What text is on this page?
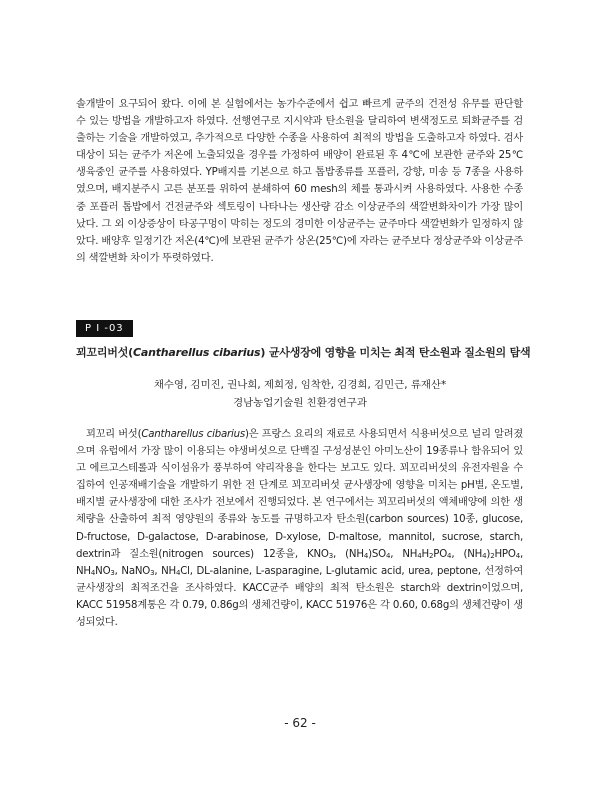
솔개발이 요구되어 왔다. 이에 본 실험에서는 농가수준에서 쉽고 빠르게 균주의 건전성 유무를 판단할 수 있는 방법을 개발하고자 하였다. 선행연구로 지시약과 탄소원을 달리하여 변색정도로 퇴화균주를 검출하는 기술을 개발하였고, 추가적으로 다양한 수종을 사용하여 최적의 방법을 도출하고자 하였다. 검사대상이 되는 균주가 저온에 노출되었을 경우를 가정하여 배양이 완료된 후 4℃에 보관한 균주와 25℃생육중인 균주를 사용하였다. YP배지를 기본으로 하고 톱밥종류를 포플러, 강향, 미송 등 7종을 사용하였으며, 배지분주시 고른 분포를 위하여 분쇄하여 60 mesh의 체를 통과시켜 사용하였다. 사용한 수종중 포플러 톱밥에서 건전균주와 섹토링이 나타나는 생산량 감소 이상균주의 색깔변화차이가 가장 많이 났다. 그 외 이상증상이 타공구멍이 막히는 정도의 경미한 이상균주는 균주마다 색깔변화가 일정하지 않았다. 배양후 일정기간 저온(4℃)에 보관된 균주가 상온(25℃)에 자라는 균주보다 정상균주와 이상균주의 색깔변화 차이가 뚜렷하였다.

P I -03
꾀꼬리버섯(Cantharellus cibarius) 균사생장에 영향을 미치는 최적 탄소원과 질소원의 탐색
채수영, 김미진, 권나희, 제희정, 임착한, 김경희, 김민근, 류재산*
경남농업기술원 친환경연구과

꾀꼬리 버섯(Cantharellus cibarius)은 프랑스 요리의 재료로 사용되면서 식용버섯으로 널리 알려졌으며 유럽에서 가장 많이 이용되는 야생버섯으로 단백질 구성성분인 아미노산이 19종류나 함유되어 있고 에르고스테롤과 식이섬유가 풍부하여 약리작용을 한다는 보고도 있다. 꾀꼬리버섯의 유전자원을 수집하여 인공재배기술을 개발하기 위한 전 단계로 꾀꼬리버섯 균사생장에 영향을 미치는 pH별, 온도별, 배지별 균사생장에 대한 조사가 전보에서 진행되었다. 본 연구에서는 꾀꼬리버섯의 액체배양에 의한 생체량을 산출하여 최적 영양원의 종류와 농도를 규명하고자 탄소원(carbon sources) 10종, glucose, D-fructose, D-galactose, D-arabinose, D-xylose, D-maltose, mannitol, sucrose, starch, dextrin과 질소원(nitrogen sources) 12종을, $KNO_3$, $(NH_4)SO_4$, $NH_4H_2PO_4$, $(NH_4)_2HPO_4$, $NH_4NO_3$, NaNO$_3$, $NH_4Cl$, DL-alanine, L-asparagine, L-glutamic acid, urea, peptone, 선정하여 균사생장의 최적조건을 조사하였다. KACC균주 배양의 최적 탄소원은 starch와 dextrin이었으며, KACC 51958계통은 각 0.79, 0.86g의 생체건량이, KACC 51976은 각 0.60, 0.68g의 생체건량이 생성되었다.

- 62 -
